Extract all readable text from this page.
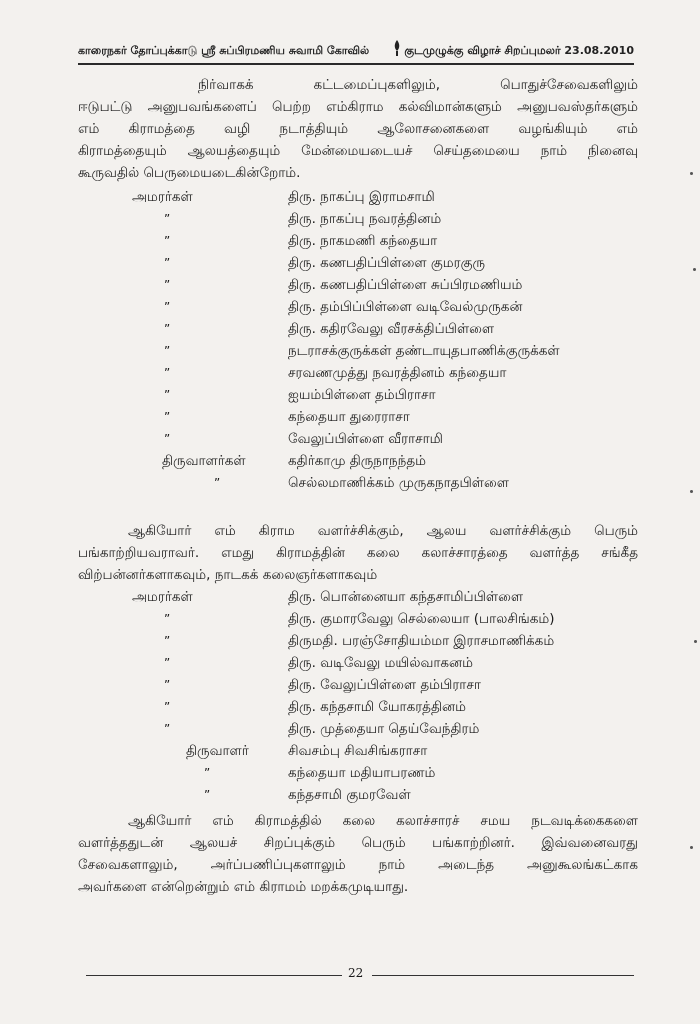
காரைநகர் தோப்புக்காடு ஸ்ரீ சுப்பிரமணிய சுவாமி கோவில்	குடமுழுக்கு விழாச் சிறப்புமலர் 23.08.2010
நிர்வாகக் கட்டமைப்புகளிலும், பொதுச்சேவைகளிலும்
ஈடுபட்டு அனுபவங்களைப் பெற்ற எம்கிராம கல்விமான்களும் அனுபவஸ்தர்களும்
எம் கிராமத்தை வழி நடாத்தியும் ஆலோசனைகளை வழங்கியும் எம்
கிராமத்தையும் ஆலயத்தையும் மேன்மையடையச் செய்தமையை நாம் நினைவு
கூருவதில் பெருமையடைகின்றோம்.
அமரர்கள்	திரு. நாகப்பு இராமசாமி
”	திரு. நாகப்பு நவரத்தினம்
”	திரு. நாகமணி கந்தையா
”	திரு. கணபதிப்பிள்ளை குமரகுரு
”	திரு. கணபதிப்பிள்ளை சுப்பிரமணியம்
”	திரு. தம்பிப்பிள்ளை வடிவேல்முருகன்
”	திரு. கதிரவேலு வீரசக்திப்பிள்ளை
”	நடராசக்குருக்கள் தண்டாயுதபாணிக்குருக்கள்
”	சரவணமுத்து நவரத்தினம் கந்தையா
”	ஐயம்பிள்ளை தம்பிராசா
”	கந்தையா துரைராசா
”	வேலுப்பிள்ளை வீராசாமி
திருவாளர்கள்	கதிர்காமு திருநாநந்தம்
”	செல்லமாணிக்கம் முருகநாதபிள்ளை
ஆகியோர் எம் கிராம வளர்ச்சிக்கும், ஆலய வளர்ச்சிக்கும் பெரும்
பங்காற்றியவராவர். எமது கிராமத்தின் கலை கலாச்சாரத்தை வளர்த்த சங்கீத
விற்பன்னர்களாகவும், நாடகக் கலைஞர்களாகவும்
அமரர்கள்	திரு. பொன்னையா கந்தசாமிப்பிள்ளை
”	திரு. குமாரவேலு செல்லையா (பாலசிங்கம்)
”	திருமதி. பரஞ்சோதியம்மா இராசமாணிக்கம்
”	திரு. வடிவேலு மயில்வாகனம்
”	திரு. வேலுப்பிள்ளை தம்பிராசா
”	திரு. கந்தசாமி யோகரத்தினம்
”	திரு. முத்தையா தெய்வேந்திரம்
திருவாளர்	சிவசம்பு சிவசிங்கராசா
”	கந்தையா மதியாபரணம்
”	கந்தசாமி குமரவேள்
ஆகியோர் எம் கிராமத்தில் கலை கலாச்சாரச் சமய நடவடிக்கைகளை
வளர்த்ததுடன் ஆலயச் சிறப்புக்கும் பெரும் பங்காற்றினர். இவ்வனைவரது
சேவைகளாலும், அர்ப்பணிப்புகளாலும் நாம் அடைந்த அனுகூலங்கட்காக
அவர்களை என்றென்றும் எம் கிராமம் மறக்கமுடியாது.
22
